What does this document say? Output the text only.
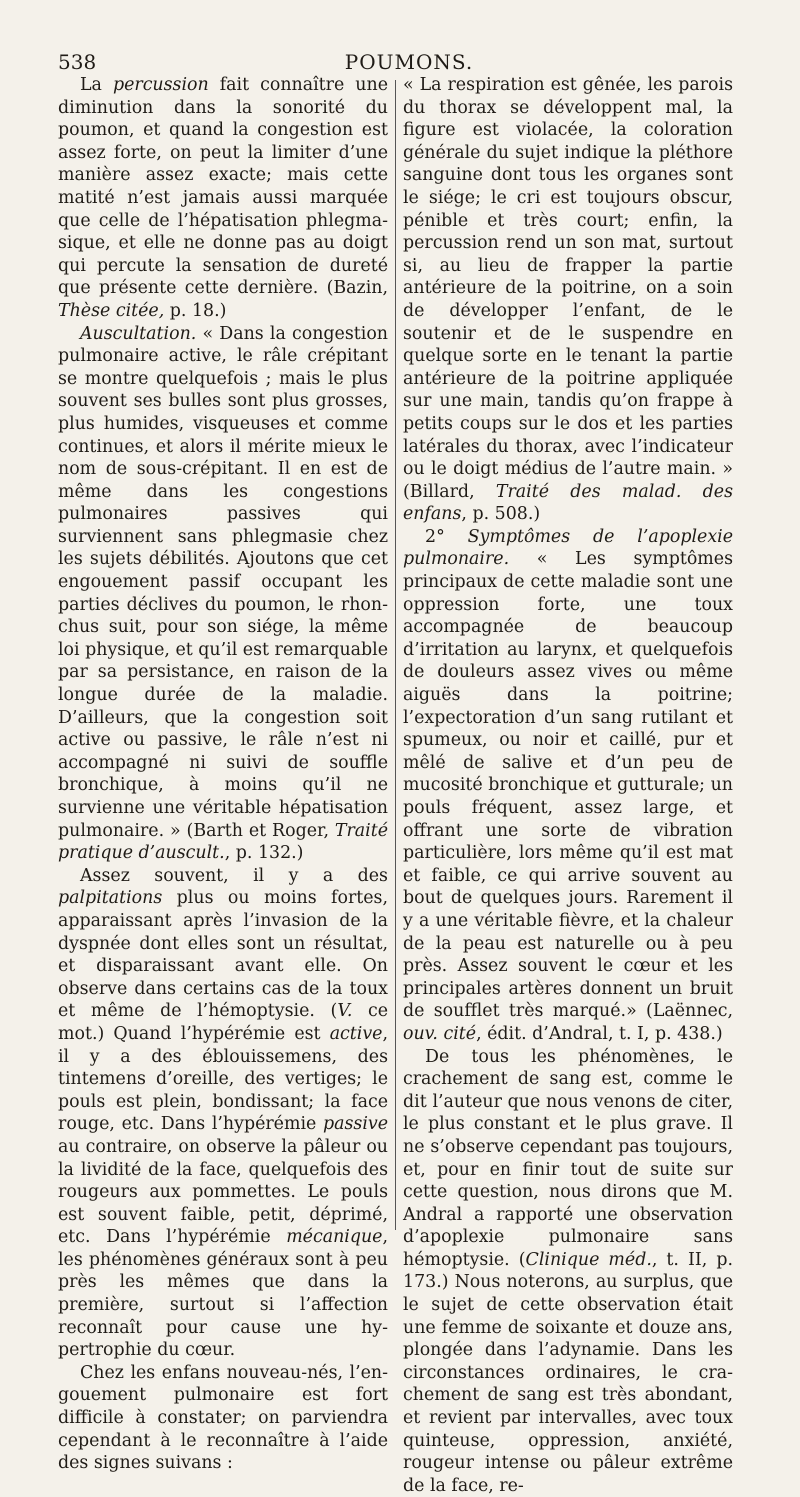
538	POUMONS.

La percussion fait connaître une diminution dans la sonorité du poumon, et quand la congestion est assez forte, on peut la limiter d’une manière assez exacte; mais cette matité n’est jamais aussi marquée que celle de l’hépatisation phlegmasique, et elle ne donne pas au doigt qui percute la sensation de dureté que présente cette dernière. (Bazin, Thèse citée, p. 18.)

Auscultation. « Dans la congestion pulmonaire active, le râle crépitant se montre quelquefois ; mais le plus souvent ses bulles sont plus grosses, plus humides, visqueuses et comme continues, et alors il mérite mieux le nom de sous-crépitant. Il en est de même dans les congestions pulmonaires passives qui surviennent sans phlegmasie chez les sujets débilités. Ajoutons que cet engouement passif occupant les parties déclives du poumon, le rhonchus suit, pour son siége, la même loi physique, et qu’il est remarquable par sa persistance, en raison de la longue durée de la maladie. D’ailleurs, que la congestion soit active ou passive, le râle n’est ni accompagné ni suivi de souffle bronchique, à moins qu’il ne survienne une véritable hépatisation pulmonaire. » (Barth et Roger, Traité pratique d’auscult., p. 132.)

Assez souvent, il y a des palpitations plus ou moins fortes, apparaissant après l’invasion de la dyspnée dont elles sont un résultat, et disparaissant avant elle. On observe dans certains cas de la toux et même de l’hémoptysie. (V. ce mot.) Quand l’hypérémie est active, il y a des éblouissemens, des tintemens d’oreille, des vertiges; le pouls est plein, bondissant; la face rouge, etc. Dans l’hypérémie passive au contraire, on observe la pâleur ou la lividité de la face, quelquefois des rougeurs aux pommettes. Le pouls est souvent faible, petit, déprimé, etc. Dans l’hypérémie mécanique, les phénomènes généraux sont à peu près les mêmes que dans la première, surtout si l’affection reconnaît pour cause une hypertrophie du cœur.

Chez les enfans nouveau-nés, l’engouement pulmonaire est fort difficile à constater; on parviendra cependant à le reconnaître à l’aide des signes suivans :

« La respiration est gênée, les parois du thorax se développent mal, la figure est violacée, la coloration générale du sujet indique la pléthore sanguine dont tous les organes sont le siége; le cri est toujours obscur, pénible et très court; enfin, la percussion rend un son mat, surtout si, au lieu de frapper la partie antérieure de la poitrine, on a soin de développer l’enfant, de le soutenir et de le suspendre en quelque sorte en le tenant la partie antérieure de la poitrine appliquée sur une main, tandis qu’on frappe à petits coups sur le dos et les parties latérales du thorax, avec l’indicateur ou le doigt médius de l’autre main. » (Billard, Traité des malad. des enfans, p. 508.)

2° Symptômes de l’apoplexie pulmonaire. « Les symptômes principaux de cette maladie sont une oppression forte, une toux accompagnée de beaucoup d’irritation au larynx, et quelquefois de douleurs assez vives ou même aiguës dans la poitrine; l’expectoration d’un sang rutilant et spumeux, ou noir et caillé, pur et mêlé de salive et d’un peu de mucosité bronchique et gutturale; un pouls fréquent, assez large, et offrant une sorte de vibration particulière, lors même qu’il est mat et faible, ce qui arrive souvent au bout de quelques jours. Rarement il y a une véritable fièvre, et la chaleur de la peau est naturelle ou à peu près. Assez souvent le cœur et les principales artères donnent un bruit de soufflet très marqué.» (Laënnec, ouv. cité, édit. d’Andral, t. I, p. 438.)

De tous les phénomènes, le crachement de sang est, comme le dit l’auteur que nous venons de citer, le plus constant et le plus grave. Il ne s’observe cependant pas toujours, et, pour en finir tout de suite sur cette question, nous dirons que M. Andral a rapporté une observation d’apoplexie pulmonaire sans hémoptysie. (Clinique méd., t. II, p. 173.) Nous noterons, au surplus, que le sujet de cette observation était une femme de soixante et douze ans, plongée dans l’adynamie. Dans les circonstances ordinaires, le crachement de sang est très abondant, et revient par intervalles, avec toux quinteuse, oppression, anxiété, rougeur intense ou pâleur extrême de la face, re-
